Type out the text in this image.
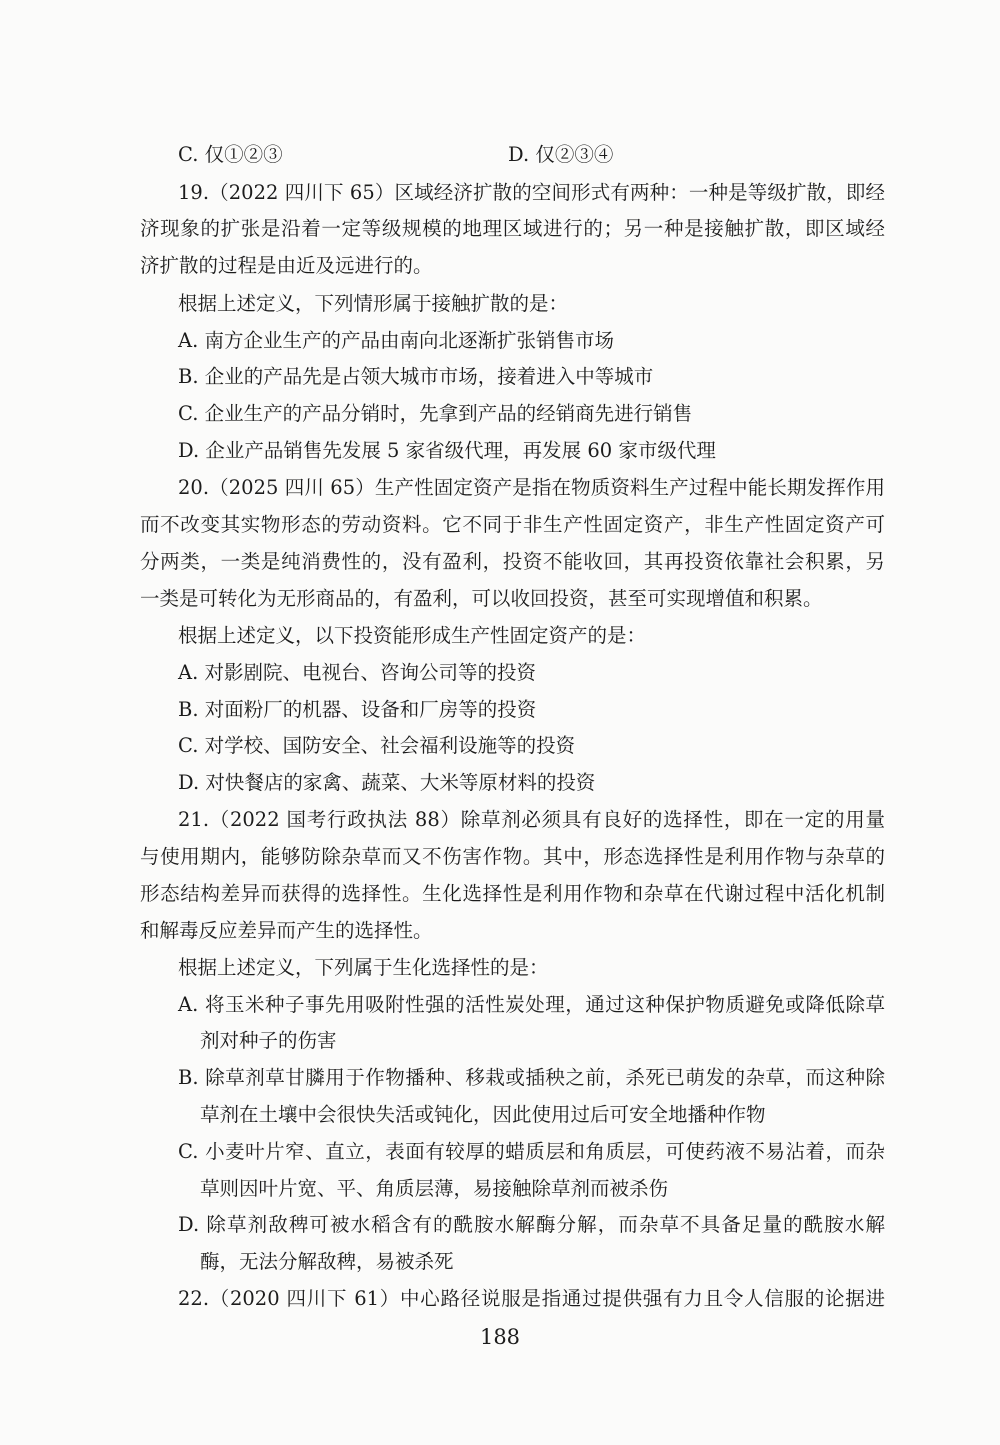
C. 仅①②③	D. 仅②③④
19.（2022 四川下 65）区域经济扩散的空间形式有两种：一种是等级扩散，即经
济现象的扩张是沿着一定等级规模的地理区域进行的；另一种是接触扩散，即区域经
济扩散的过程是由近及远进行的。
根据上述定义，下列情形属于接触扩散的是：
A. 南方企业生产的产品由南向北逐渐扩张销售市场
B. 企业的产品先是占领大城市市场，接着进入中等城市
C. 企业生产的产品分销时，先拿到产品的经销商先进行销售
D. 企业产品销售先发展 5 家省级代理，再发展 60 家市级代理
20.（2025 四川 65）生产性固定资产是指在物质资料生产过程中能长期发挥作用
而不改变其实物形态的劳动资料。它不同于非生产性固定资产，非生产性固定资产可
分两类，一类是纯消费性的，没有盈利，投资不能收回，其再投资依靠社会积累，另
一类是可转化为无形商品的，有盈利，可以收回投资，甚至可实现增值和积累。
根据上述定义，以下投资能形成生产性固定资产的是：
A. 对影剧院、电视台、咨询公司等的投资
B. 对面粉厂的机器、设备和厂房等的投资
C. 对学校、国防安全、社会福利设施等的投资
D. 对快餐店的家禽、蔬菜、大米等原材料的投资
21.（2022 国考行政执法 88）除草剂必须具有良好的选择性，即在一定的用量
与使用期内，能够防除杂草而又不伤害作物。其中，形态选择性是利用作物与杂草的
形态结构差异而获得的选择性。生化选择性是利用作物和杂草在代谢过程中活化机制
和解毒反应差异而产生的选择性。
根据上述定义，下列属于生化选择性的是：
A. 将玉米种子事先用吸附性强的活性炭处理，通过这种保护物质避免或降低除草
剂对种子的伤害
B. 除草剂草甘膦用于作物播种、移栽或插秧之前，杀死已萌发的杂草，而这种除
草剂在土壤中会很快失活或钝化，因此使用过后可安全地播种作物
C. 小麦叶片窄、直立，表面有较厚的蜡质层和角质层，可使药液不易沾着，而杂
草则因叶片宽、平、角质层薄，易接触除草剂而被杀伤
D. 除草剂敌稗可被水稻含有的酰胺水解酶分解，而杂草不具备足量的酰胺水解
酶，无法分解敌稗，易被杀死
22.（2020 四川下 61）中心路径说服是指通过提供强有力且令人信服的论据进
188
